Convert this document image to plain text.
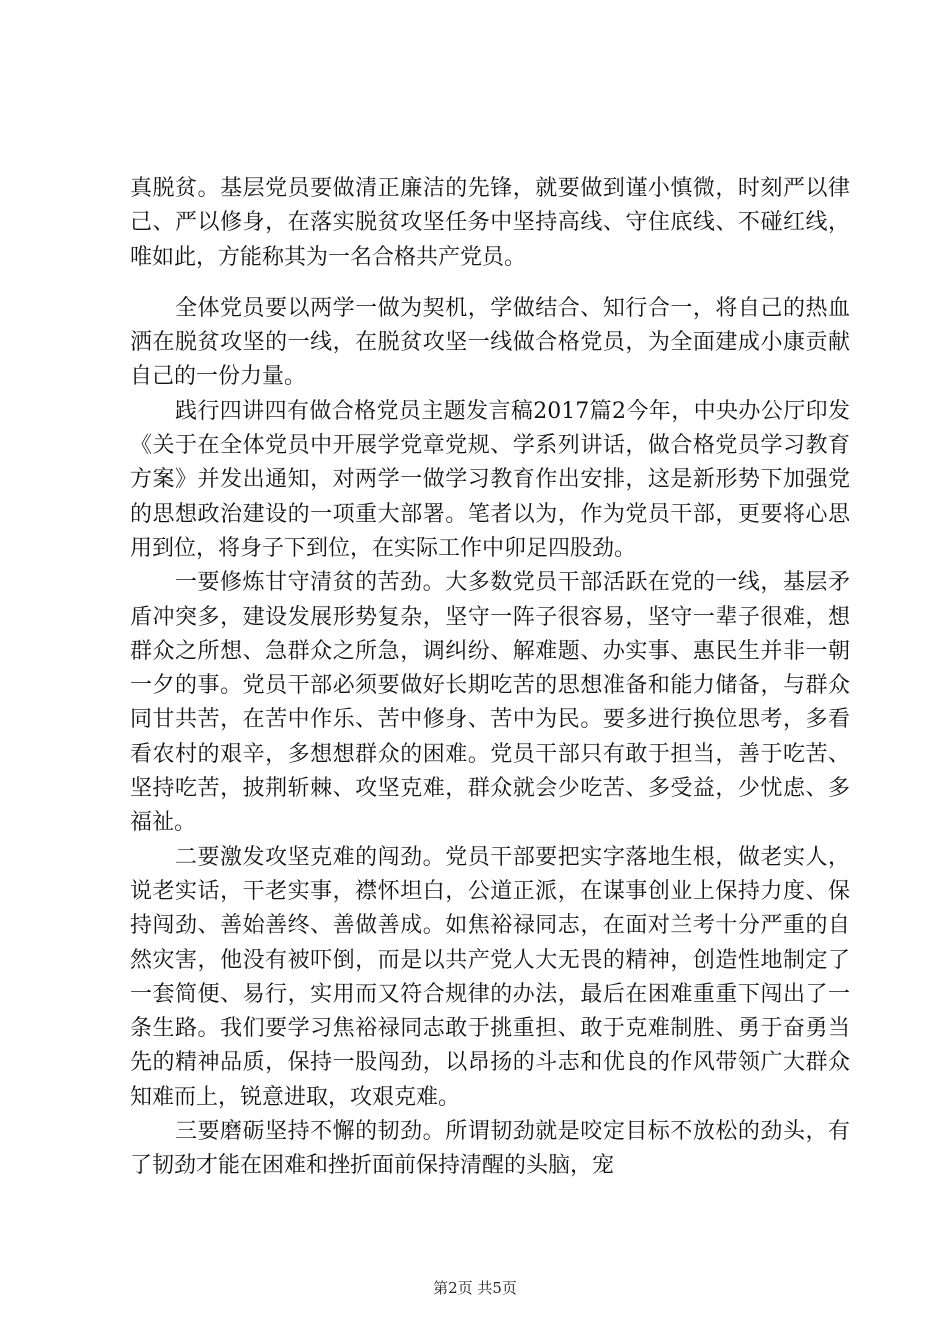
真脱贫。基层党员要做清正廉洁的先锋，就要做到谨小慎微，时刻严以律己、严以修身，在落实脱贫攻坚任务中坚持高线、守住底线、不碰红线，唯如此，方能称其为一名合格共产党员。

全体党员要以两学一做为契机，学做结合、知行合一，将自己的热血洒在脱贫攻坚的一线，在脱贫攻坚一线做合格党员，为全面建成小康贡献自己的一份力量。

践行四讲四有做合格党员主题发言稿2017篇2今年，中央办公厅印发《关于在全体党员中开展学党章党规、学系列讲话，做合格党员学习教育方案》并发出通知，对两学一做学习教育作出安排，这是新形势下加强党的思想政治建设的一项重大部署。笔者以为，作为党员干部，更要将心思用到位，将身子下到位，在实际工作中卯足四股劲。

一要修炼甘守清贫的苦劲。大多数党员干部活跃在党的一线，基层矛盾冲突多，建设发展形势复杂，坚守一阵子很容易，坚守一辈子很难，想群众之所想、急群众之所急，调纠纷、解难题、办实事、惠民生并非一朝一夕的事。党员干部必须要做好长期吃苦的思想准备和能力储备，与群众同甘共苦，在苦中作乐、苦中修身、苦中为民。要多进行换位思考，多看看农村的艰辛，多想想群众的困难。党员干部只有敢于担当，善于吃苦、坚持吃苦，披荆斩棘、攻坚克难，群众就会少吃苦、多受益，少忧虑、多福祉。

二要激发攻坚克难的闯劲。党员干部要把实字落地生根，做老实人，说老实话，干老实事，襟怀坦白，公道正派，在谋事创业上保持力度、保持闯劲、善始善终、善做善成。如焦裕禄同志，在面对兰考十分严重的自然灾害，他没有被吓倒，而是以共产党人大无畏的精神，创造性地制定了一套简便、易行，实用而又符合规律的办法，最后在困难重重下闯出了一条生路。我们要学习焦裕禄同志敢于挑重担、敢于克难制胜、勇于奋勇当先的精神品质，保持一股闯劲，以昂扬的斗志和优良的作风带领广大群众知难而上，锐意进取，攻艰克难。

三要磨砺坚持不懈的韧劲。所谓韧劲就是咬定目标不放松的劲头，有了韧劲才能在困难和挫折面前保持清醒的头脑，宠

第2页 共5页
